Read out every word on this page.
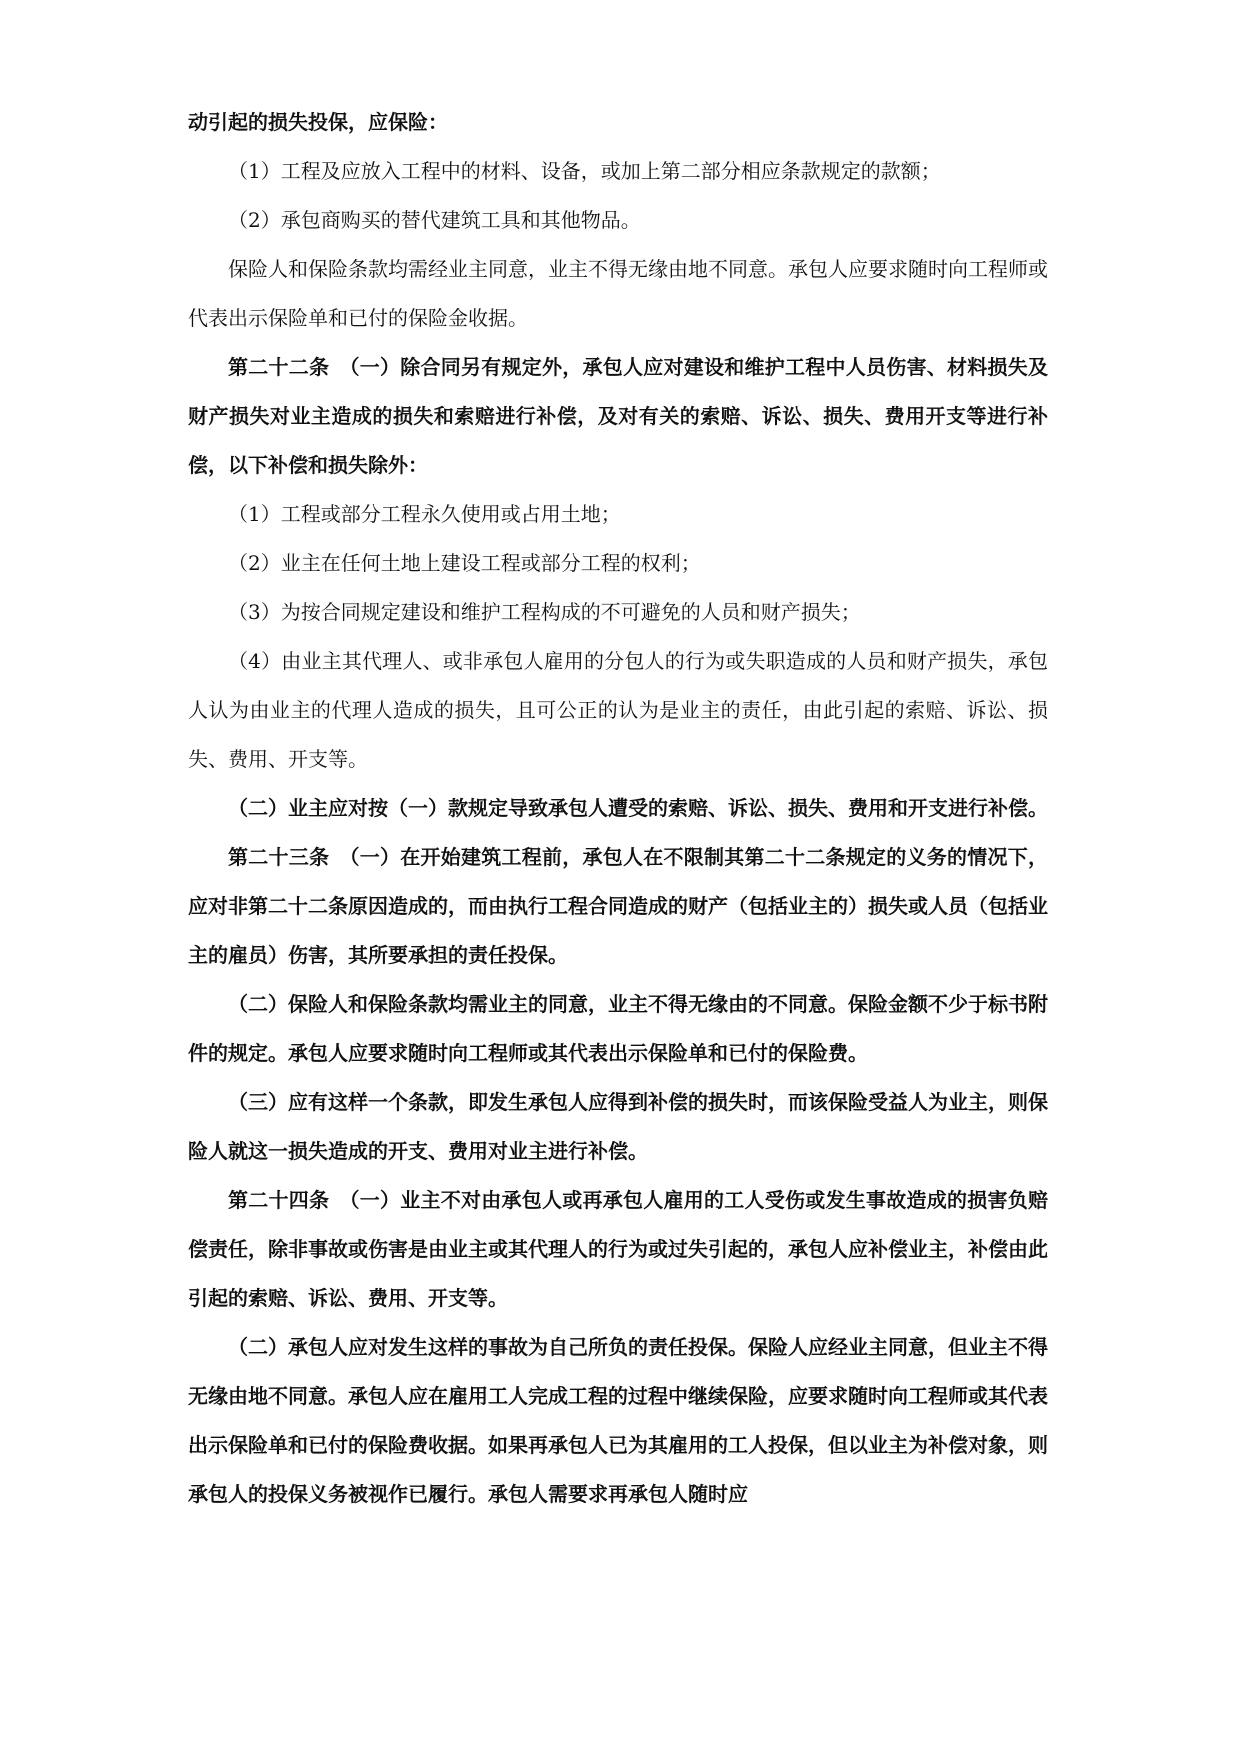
动引起的损失投保，应保险：

（1）工程及应放入工程中的材料、设备，或加上第二部分相应条款规定的款额；

（2）承包商购买的替代建筑工具和其他物品。

保险人和保险条款均需经业主同意，业主不得无缘由地不同意。承包人应要求随时向工程师或代表出示保险单和已付的保险金收据。

第二十二条　（一）除合同另有规定外，承包人应对建设和维护工程中人员伤害、材料损失及财产损失对业主造成的损失和索赔进行补偿，及对有关的索赔、诉讼、损失、费用开支等进行补偿，以下补偿和损失除外：

（1）工程或部分工程永久使用或占用土地；

（2）业主在任何土地上建设工程或部分工程的权利；

（3）为按合同规定建设和维护工程构成的不可避免的人员和财产损失；

（4）由业主其代理人、或非承包人雇用的分包人的行为或失职造成的人员和财产损失，承包人认为由业主的代理人造成的损失，且可公正的认为是业主的责任，由此引起的索赔、诉讼、损失、费用、开支等。

（二）业主应对按（一）款规定导致承包人遭受的索赔、诉讼、损失、费用和开支进行补偿。

第二十三条　（一）在开始建筑工程前，承包人在不限制其第二十二条规定的义务的情况下，应对非第二十二条原因造成的，而由执行工程合同造成的财产（包括业主的）损失或人员（包括业主的雇员）伤害，其所要承担的责任投保。

（二）保险人和保险条款均需业主的同意，业主不得无缘由的不同意。保险金额不少于标书附件的规定。承包人应要求随时向工程师或其代表出示保险单和已付的保险费。

（三）应有这样一个条款，即发生承包人应得到补偿的损失时，而该保险受益人为业主，则保险人就这一损失造成的开支、费用对业主进行补偿。

第二十四条　（一）业主不对由承包人或再承包人雇用的工人受伤或发生事故造成的损害负赔偿责任，除非事故或伤害是由业主或其代理人的行为或过失引起的，承包人应补偿业主，补偿由此引起的索赔、诉讼、费用、开支等。

（二）承包人应对发生这样的事故为自己所负的责任投保。保险人应经业主同意，但业主不得无缘由地不同意。承包人应在雇用工人完成工程的过程中继续保险，应要求随时向工程师或其代表出示保险单和已付的保险费收据。如果再承包人已为其雇用的工人投保，但以业主为补偿对象，则承包人的投保义务被视作已履行。承包人需要求再承包人随时应
